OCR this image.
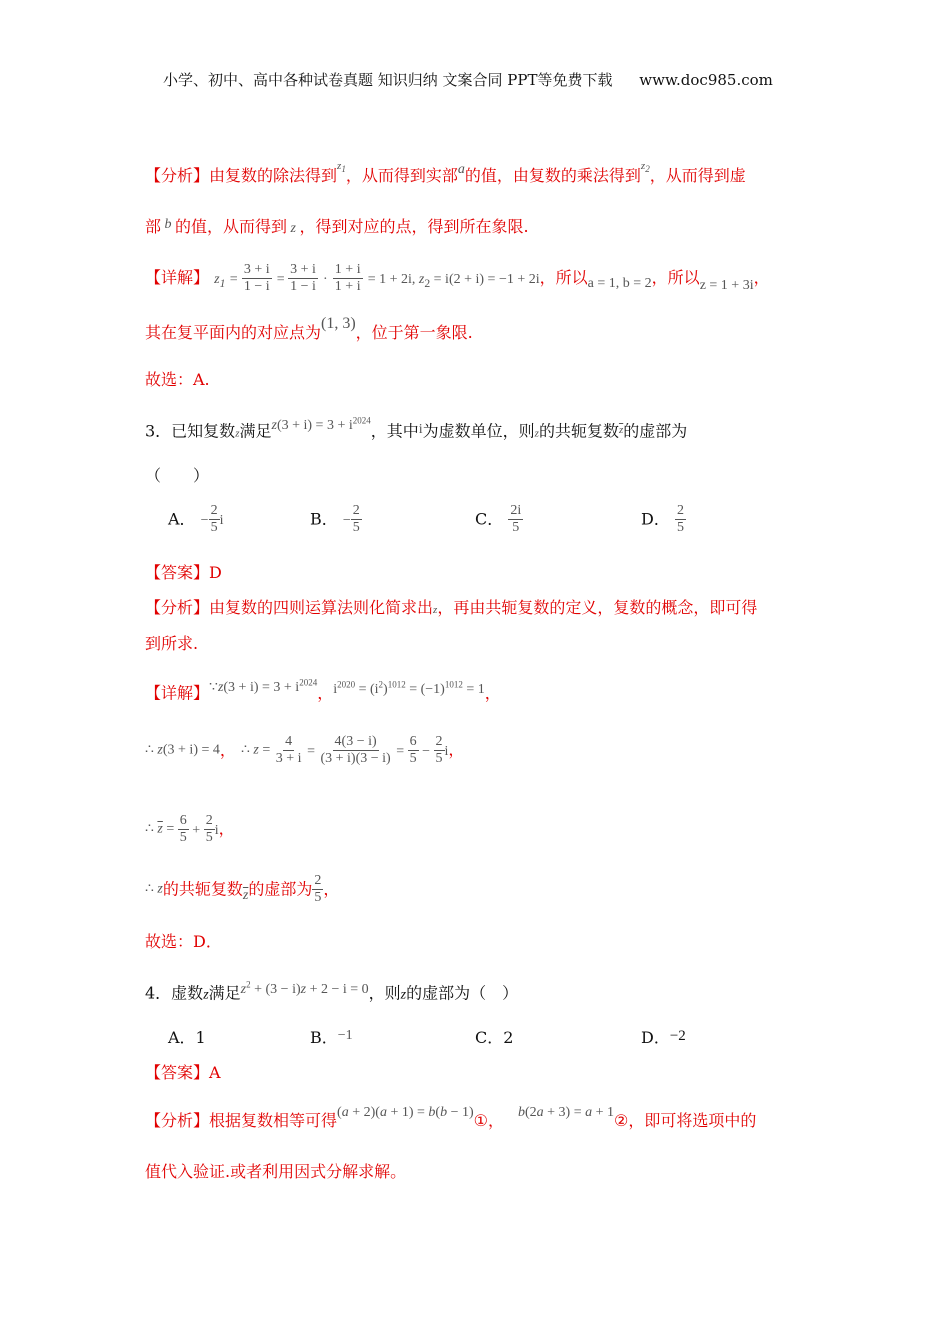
小学、初中、高中各种试卷真题 知识归纳 文案合同 PPT等免费下载 www.doc985.com
【分析】由复数的除法得到$^{z_1}$，从而得到实部a的值，由复数的乘法得到$^{z_2}$，从而得到虚
部 b 的值，从而得到 z ，得到对应的点，得到所在象限.
【详解】 $z_1 = \frac{3 + i}{1 - i} = \frac{3 + i}{1 - i} \cdot \frac{1 + i}{1 + i} = 1 + 2i$, $z_2 = i(2 + i) = -1 + 2i$，所以a = 1, b = 2，所以z = 1 + 3i，
其在复平面内的对应点为(1, 3)，位于第一象限.
故选：A.
3．已知复数z满足$z(3 + i) = 3 + i^{2024}$，其中i为虚数单位，则z的共轭复数$^{\overline{z}}$的虚部为
（　　）
A． − $\frac{2}{5}$ i	B． − $\frac{2}{5}$	C． $\frac{2i}{5}$	D． $\frac{2}{5}$
【答案】D
【分析】由复数的四则运算法则化简求出z，再由共轭复数的定义，复数的概念，即可得
到所求.
【详解】∵z(3 + $i) = 3 + i^{2024}$，$i^{2020} = (i^2)^{1012} = (-1)^{1012} = 1$，
∴ z(3 + i) = 4， ∴ $z = \frac{4}{3 + i} = \frac{4(3 - i)}{(3 + i)(3 - i)} = \frac{6}{5} - \frac{2}{5}$ i，
∴ $\overline{z} = \frac{6}{5} + \frac{2}{5}$ i，
∴ z的共轭复数$\overline{z}$的虚部为 $\frac{2}{5}$ ，
故选：D．
4．虚数z满足$z^2 + (3 - i)z + 2 - i = 0$，则z的虚部为（　）
A．1	B．−1	C．2	D．−2
【答案】A
【分析】根据复数相等可得(a + 2)(a + 1) = b(b − 1)①， b(2a + 3) = a + 1②，即可将选项中的
值代入验证.或者利用因式分解求解。
